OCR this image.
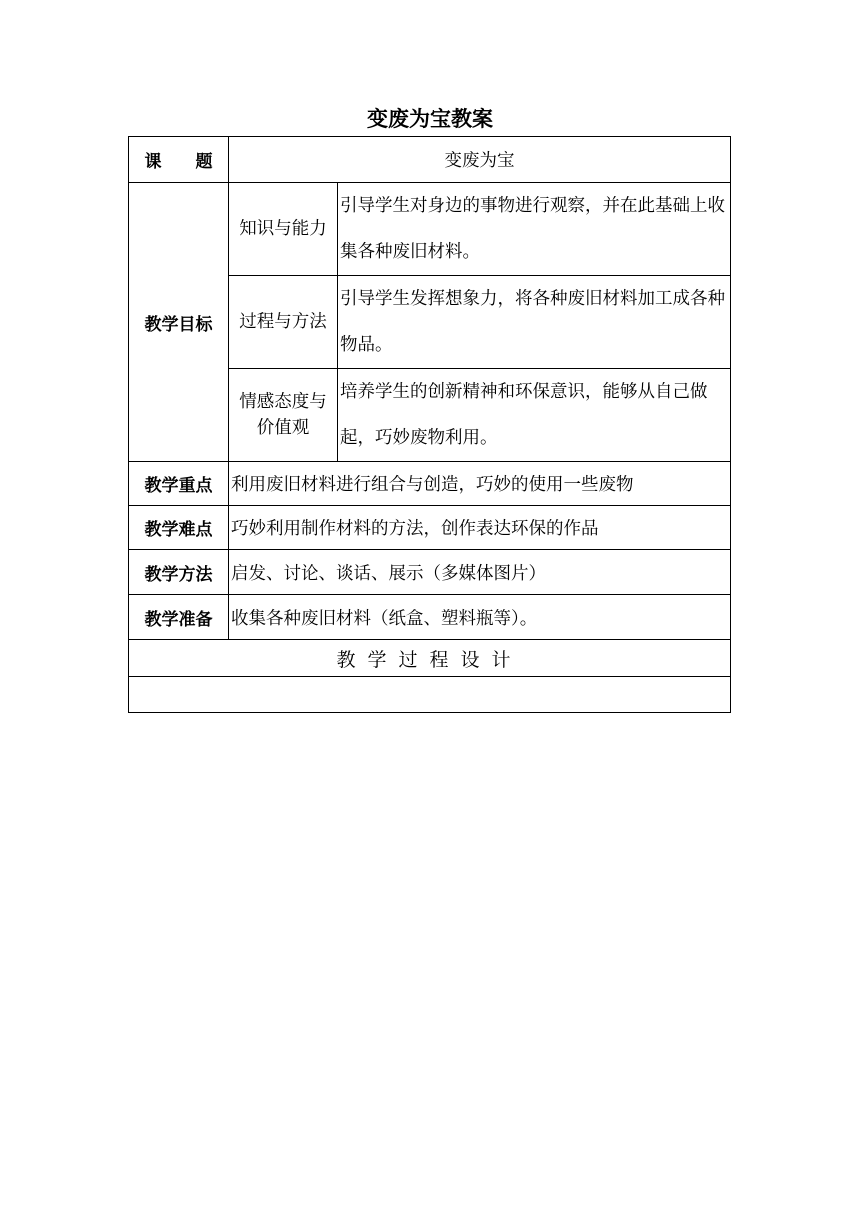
变废为宝教案
课　　题	变废为宝	
教学目标	知识与能力	引导学生对身边的事物进行观察，并在此基础上收集各种废旧材料。
	过程与方法	引导学生发挥想象力，将各种废旧材料加工成各种物品。
	情感态度与价值观	培养学生的创新精神和环保意识，能够从自己做起，巧妙废物利用。
教学重点	利用废旧材料进行组合与创造，巧妙的使用一些废物	
教学难点	巧妙利用制作材料的方法，创作表达环保的作品	
教学方法	启发、讨论、谈话、展示（多媒体图片）	
教学准备	收集各种废旧材料（纸盒、塑料瓶等）。	
教学过程设计		
